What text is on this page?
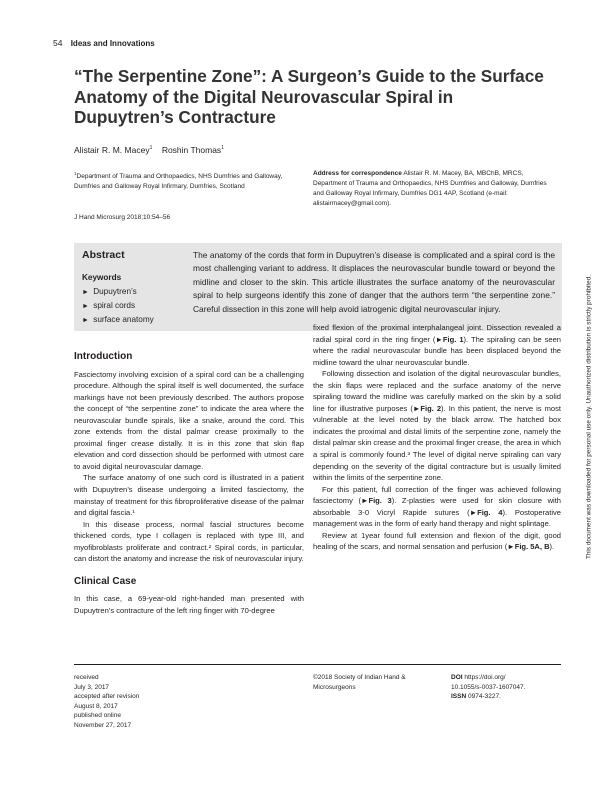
54 Ideas and Innovations
“The Serpentine Zone”: A Surgeon’s Guide to the Surface Anatomy of the Digital Neurovascular Spiral in Dupuytren’s Contracture
Alistair R. M. Macey$^1$ Roshin Thomas$^1$
$^1$Department of Trauma and Orthopaedics, NHS Dumfries and Galloway, Dumfries and Galloway Royal Infirmary, Dumfries, Scotland
Address for correspondence Alistair R. M. Macey, BA, MBChB, MRCS, Department of Trauma and Orthopaedics, NHS Dumfries and Galloway, Dumfries and Galloway Royal Infirmary, Dumfries DG1 4AP, Scotland (e-mail: alistairmacey@gmail.com).
J Hand Microsurg 2018;10:54–56
Abstract
Keywords
► Dupuytren’s
► spiral cords
► surface anatomy
The anatomy of the cords that form in Dupuytren’s disease is complicated and a spiral cord is the most challenging variant to address. It displaces the neurovascular bundle toward or beyond the midline and closer to the skin. This article illustrates the surface anatomy of the neurovascular spiral to help surgeons identify this zone of danger that the authors term “the serpentine zone.” Careful dissection in this zone will help avoid iatrogenic digital neurovascular injury.	This document was downloaded for personal use only. Unauthorized distribution is strictly prohibited.
Introduction

Fasciectomy involving excision of a spiral cord can be a challenging procedure. Although the spiral itself is well documented, the surface markings have not been previously described. The authors propose the concept of “the serpentine zone” to indicate the area where the neurovascular bundle spirals, like a snake, around the cord. This zone extends from the distal palmar crease proximally to the proximal finger crease distally. It is in this zone that skin flap elevation and cord dissection should be performed with utmost care to avoid digital neurovascular damage.

The surface anatomy of one such cord is illustrated in a patient with Dupuytren’s disease undergoing a limited fasciectomy, the mainstay of treatment for this fibroproliferative disease of the palmar and digital fascia.¹

In this disease process, normal fascial structures become thickened cords, type I collagen is replaced with type III, and myofibroblasts proliferate and contract.² Spiral cords, in particular, can distort the anatomy and increase the risk of neurovascular injury.

Clinical Case

In this case, a 69-year-old right-handed man presented with Dupuytren’s contracture of the left ring finger with 70-degree

fixed flexion of the proximal interphalangeal joint. Dissection revealed a radial spiral cord in the ring finger (►Fig. 1). The spiraling can be seen where the radial neurovascular bundle has been displaced beyond the midline toward the ulnar neurovascular bundle.

Following dissection and isolation of the digital neurovascular bundles, the skin flaps were replaced and the surface anatomy of the nerve spiraling toward the midline was carefully marked on the skin by a solid line for illustrative purposes (►Fig. 2). In this patient, the nerve is most vulnerable at the level noted by the black arrow. The hatched box indicates the proximal and distal limits of the serpentine zone, namely the distal palmar skin crease and the proximal finger crease, the area in which a spiral is commonly found.³ The level of digital nerve spiraling can vary depending on the severity of the digital contracture but is usually limited within the limits of the serpentine zone.

For this patient, full correction of the finger was achieved following fasciectomy (►Fig. 3). Z-plasties were used for skin closure with absorbable 3-0 Vicryl Rapide sutures (►Fig. 4). Postoperative management was in the form of early hand therapy and night splintage.

Review at 1year found full extension and flexion of the digit, good healing of the scars, and normal sensation and perfusion (►Fig. 5A, B).

received
July 3, 2017
accepted after revision
August 8, 2017
published online
November 27, 2017
©2018 Society of Indian Hand & Microsurgeons
DOI https://doi.org/
10.1055/s-0037-1607047.
ISSN 0974-3227.
